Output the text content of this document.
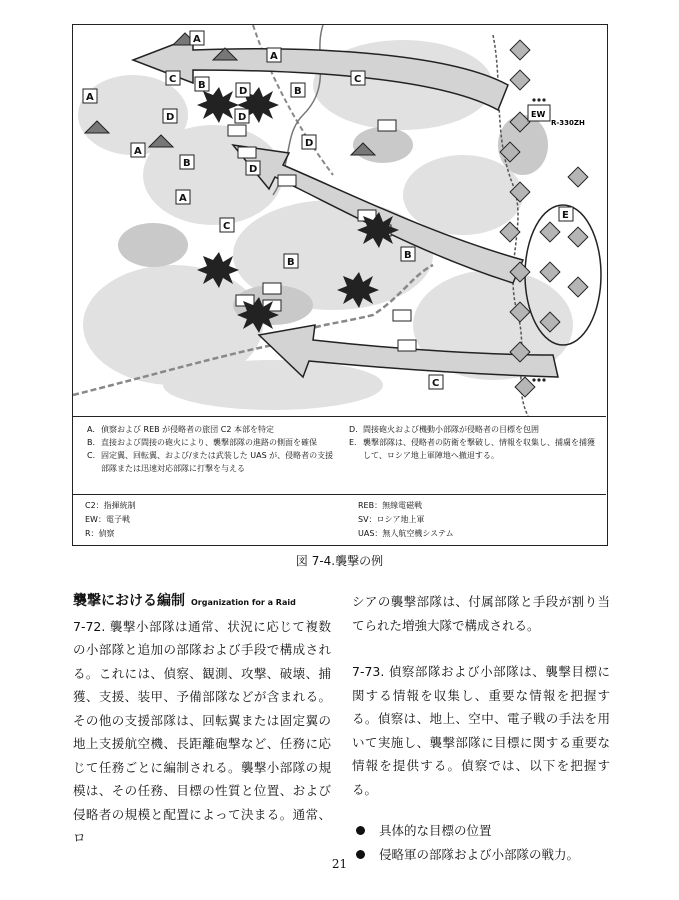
A
A
A
A
A
B
D	B
B
B
B
C	C
C
C
D	D
D
D
E
EW
R-330ZH
A. 偵察および REB が侵略者の旅団 C2 本部を特定
B. 直接および間接の砲火により、襲撃部隊の進路の側面を確保
C. 固定翼、回転翼、および/または武装した UAS が、侵略者の支援部隊または迅速対応部隊に打撃を与える
D. 間接砲火および機動小部隊が侵略者の目標を包囲
E. 襲撃部隊は、侵略者の防衛を撃破し、情報を収集し、捕虜を捕獲して、ロシア地上軍陣地へ撤退する。
C2：指揮統制
EW：電子戦
R：偵察
REB：無線電磁戦
SV：ロシア地上軍
UAS：無人航空機システム
図 7-4.襲撃の例
襲撃における編制 Organization for a Raid

7-72. 襲撃小部隊は通常、状況に応じて複数の小部隊と追加の部隊および手段で構成される。これには、偵察、観測、攻撃、破壊、捕獲、支援、装甲、予備部隊などが含まれる。その他の支援部隊は、回転翼または固定翼の地上支援航空機、長距離砲撃など、任務に応じて任務ごとに編制される。襲撃小部隊の規模は、その任務、目標の性質と位置、および侵略者の規模と配置によって決まる。通常、ロ

シアの襲撃部隊は、付属部隊と手段が割り当てられた増強大隊で構成される。

7-73. 偵察部隊および小部隊は、襲撃目標に関する情報を収集し、重要な情報を把握する。偵察は、地上、空中、電子戦の手法を用いて実施し、襲撃部隊に目標に関する重要な情報を提供する。偵察では、以下を把握する。

具体的な目標の位置
侵略軍の部隊および小部隊の戦力。
21
